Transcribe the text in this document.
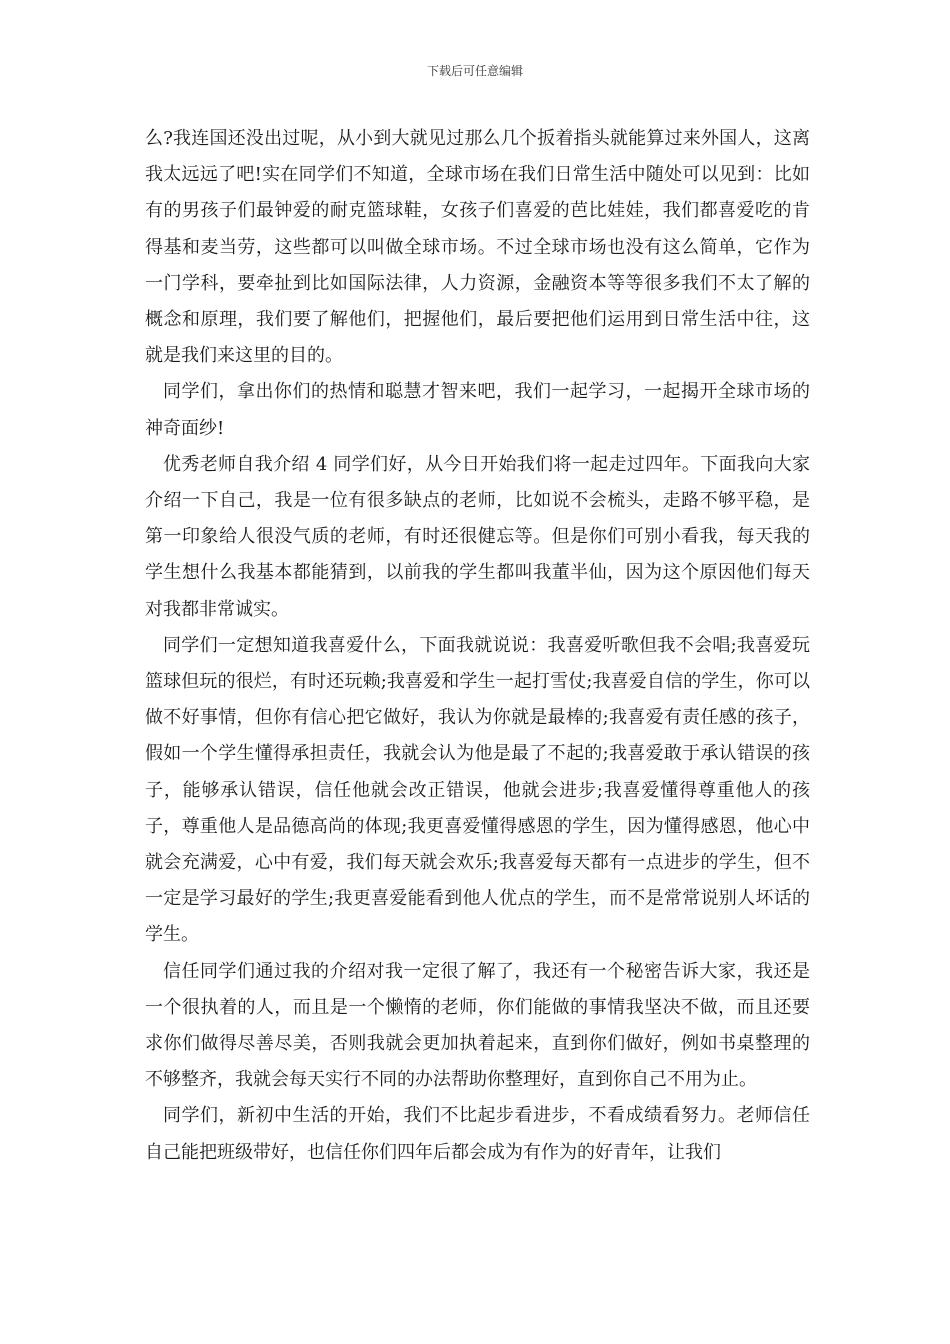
下载后可任意编辑

么?我连国还没出过呢，从小到大就见过那么几个扳着指头就能算过来外国人，这离我太远远了吧!实在同学们不知道，全球市场在我们日常生活中随处可以见到：比如有的男孩子们最钟爱的耐克篮球鞋，女孩子们喜爱的芭比娃娃，我们都喜爱吃的肯得基和麦当劳，这些都可以叫做全球市场。不过全球市场也没有这么简单，它作为一门学科，要牵扯到比如国际法律，人力资源，金融资本等等很多我们不太了解的概念和原理，我们要了解他们，把握他们，最后要把他们运用到日常生活中往，这就是我们来这里的目的。

同学们，拿出你们的热情和聪慧才智来吧，我们一起学习，一起揭开全球市场的神奇面纱!

优秀老师自我介绍 4 同学们好，从今日开始我们将一起走过四年。下面我向大家介绍一下自己，我是一位有很多缺点的老师，比如说不会梳头，走路不够平稳，是第一印象给人很没气质的老师，有时还很健忘等。但是你们可别小看我，每天我的学生想什么我基本都能猜到，以前我的学生都叫我董半仙，因为这个原因他们每天对我都非常诚实。

同学们一定想知道我喜爱什么，下面我就说说：我喜爱听歌但我不会唱;我喜爱玩篮球但玩的很烂，有时还玩赖;我喜爱和学生一起打雪仗;我喜爱自信的学生，你可以做不好事情，但你有信心把它做好，我认为你就是最棒的;我喜爱有责任感的孩子，假如一个学生懂得承担责任，我就会认为他是最了不起的;我喜爱敢于承认错误的孩子，能够承认错误，信任他就会改正错误，他就会进步;我喜爱懂得尊重他人的孩子，尊重他人是品德高尚的体现;我更喜爱懂得感恩的学生，因为懂得感恩，他心中就会充满爱，心中有爱，我们每天就会欢乐;我喜爱每天都有一点进步的学生，但不一定是学习最好的学生;我更喜爱能看到他人优点的学生，而不是常常说别人坏话的学生。

信任同学们通过我的介绍对我一定很了解了，我还有一个秘密告诉大家，我还是一个很执着的人，而且是一个懒惰的老师，你们能做的事情我坚决不做，而且还要求你们做得尽善尽美，否则我就会更加执着起来，直到你们做好，例如书桌整理的不够整齐，我就会每天实行不同的办法帮助你整理好，直到你自己不用为止。

同学们，新初中生活的开始，我们不比起步看进步，不看成绩看努力。老师信任自己能把班级带好，也信任你们四年后都会成为有作为的好青年，让我们
